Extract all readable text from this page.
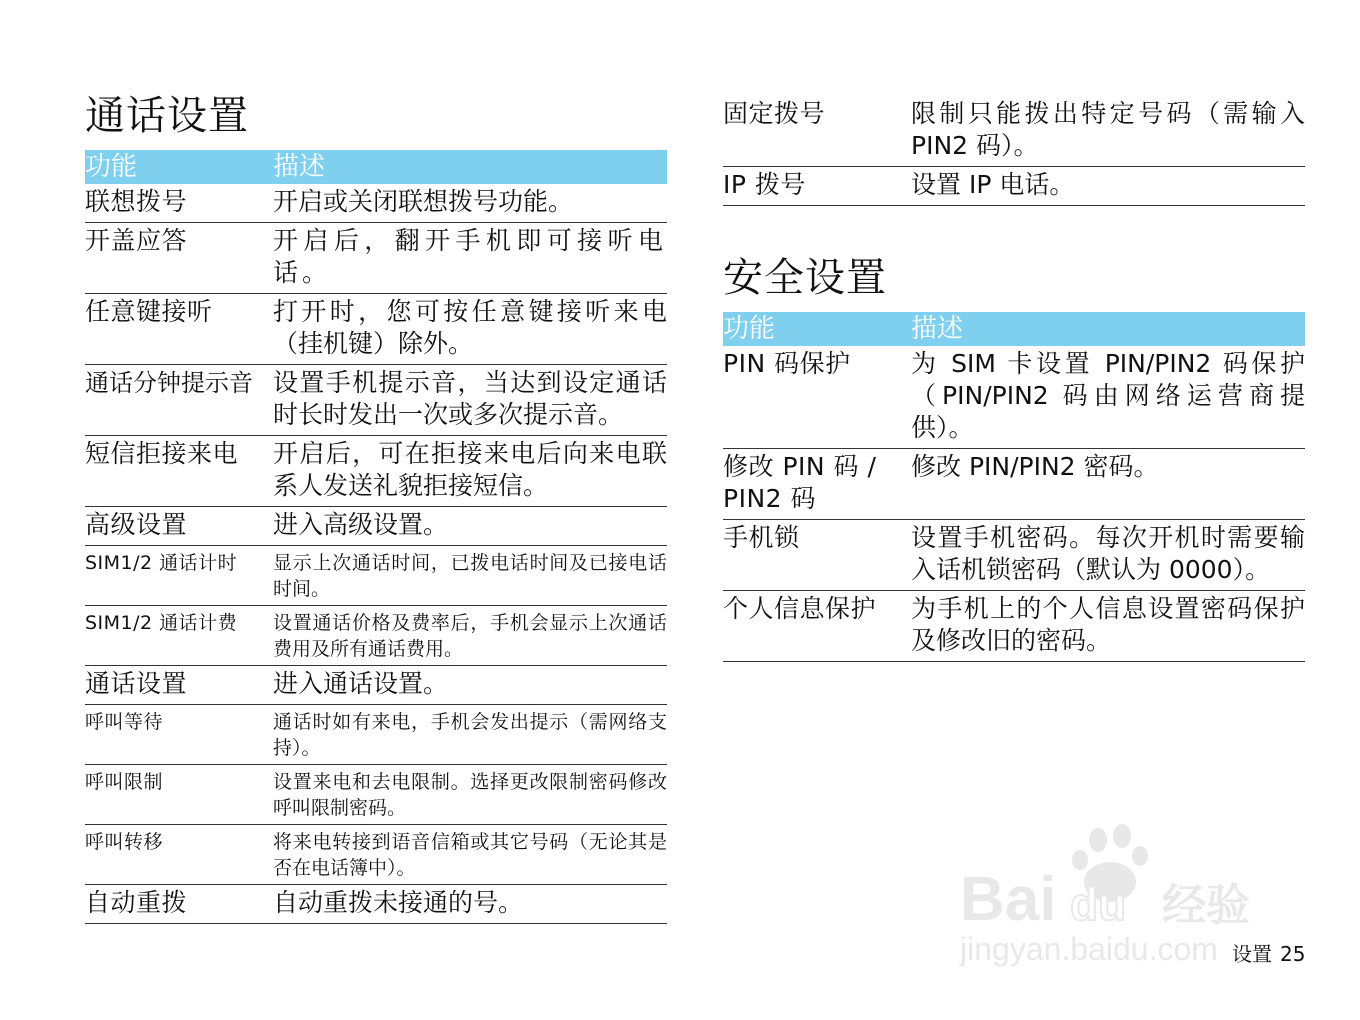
通话设置
功能	描述
联想拨号	开启或关闭联想拨号功能。
开盖应答	开启后，翻开手机即可接听电话。
任意键接听	打开时，您可按任意键接听来电（挂机键）除外。
通话分钟提示音	设置手机提示音，当达到设定通话时长时发出一次或多次提示音。
短信拒接来电	开启后，可在拒接来电后向来电联系人发送礼貌拒接短信。
高级设置	进入高级设置。
SIM1/2 通话计时	显示上次通话时间，已拨电话时间及已接电话时间。
SIM1/2 通话计费	设置通话价格及费率后，手机会显示上次通话费用及所有通话费用。
通话设置	进入通话设置。
呼叫等待	通话时如有来电，手机会发出提示（需网络支持）。
呼叫限制	设置来电和去电限制。选择更改限制密码修改呼叫限制密码。
呼叫转移	将来电转接到语音信箱或其它号码（无论其是否在电话簿中）。
自动重拨	自动重拨未接通的号。
固定拨号	限制只能拨出特定号码（需输入 PIN2 码）。
IP 拨号	设置 IP 电话。
安全设置
功能	描述
PIN 码保护	为 SIM 卡设置 PIN/PIN2 码保护（PIN/PIN2 码由网络运营商提供）。
修改 PIN 码 / PIN2 码	修改 PIN/PIN2 密码。
手机锁	设置手机密码。每次开机时需要输入话机锁密码（默认为 0000）。
个人信息保护	为手机上的个人信息设置密码保护及修改旧的密码。
Bai du 经验
jingyan.baidu.com 设置 25
